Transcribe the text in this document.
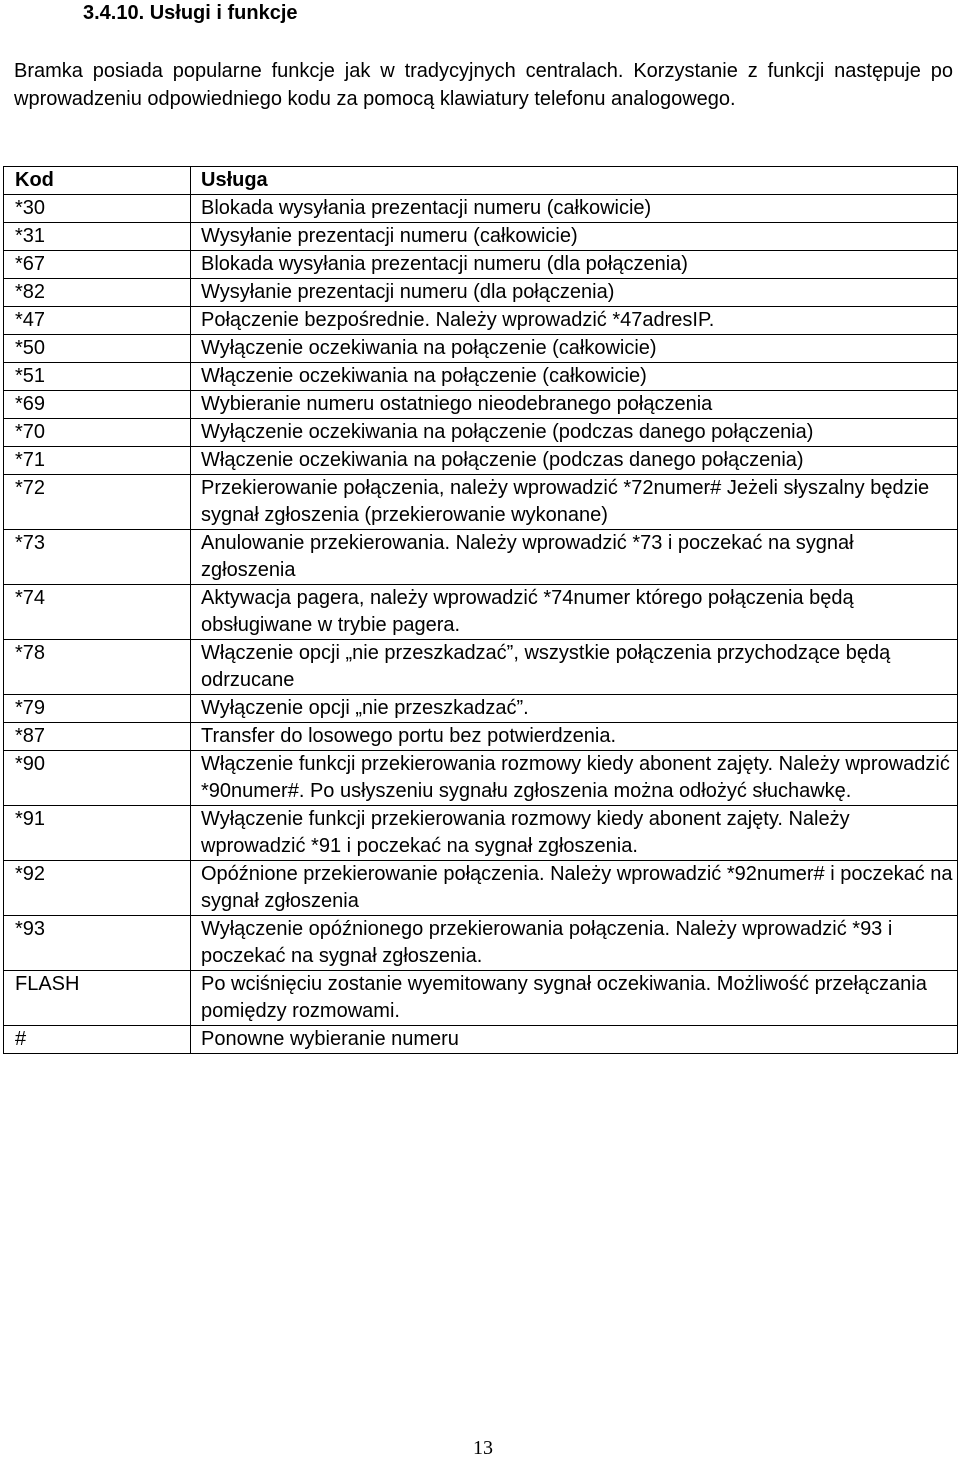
3.4.10. Usługi i funkcje

Bramka posiada popularne funkcje jak w tradycyjnych centralach. Korzystanie z funkcji następuje po wprowadzeniu odpowiedniego kodu za pomocą klawiatury telefonu analogowego.

Kod	Usługa
*30	Blokada wysyłania prezentacji numeru (całkowicie)
*31	Wysyłanie prezentacji numeru (całkowicie)
*67	Blokada wysyłania prezentacji numeru (dla połączenia)
*82	Wysyłanie prezentacji numeru (dla połączenia)
*47	Połączenie bezpośrednie. Należy wprowadzić *47adresIP.
*50	Wyłączenie oczekiwania na połączenie (całkowicie)
*51	Włączenie oczekiwania na połączenie (całkowicie)
*69	Wybieranie numeru ostatniego nieodebranego połączenia
*70	Wyłączenie oczekiwania na połączenie (podczas danego połączenia)
*71	Włączenie oczekiwania na połączenie (podczas danego połączenia)
*72	Przekierowanie połączenia, należy wprowadzić *72numer# Jeżeli słyszalny będzie sygnał zgłoszenia (przekierowanie wykonane)
*73	Anulowanie przekierowania. Należy wprowadzić *73 i poczekać na sygnał zgłoszenia
*74	Aktywacja pagera, należy wprowadzić *74numer którego połączenia będą obsługiwane w trybie pagera.
*78	Włączenie opcji „nie przeszkadzać”, wszystkie połączenia przychodzące będą odrzucane
*79	Wyłączenie opcji „nie przeszkadzać”.
*87	Transfer do losowego portu bez potwierdzenia.
*90	Włączenie funkcji przekierowania rozmowy kiedy abonent zajęty. Należy wprowadzić *90numer#. Po usłyszeniu sygnału zgłoszenia można odłożyć słuchawkę.
*91	Wyłączenie funkcji przekierowania rozmowy kiedy abonent zajęty. Należy wprowadzić *91 i poczekać na sygnał zgłoszenia.
*92	Opóźnione przekierowanie połączenia. Należy wprowadzić *92numer# i poczekać na sygnał zgłoszenia
*93	Wyłączenie opóźnionego przekierowania połączenia. Należy wprowadzić *93 i poczekać na sygnał zgłoszenia.
FLASH	Po wciśnięciu zostanie wyemitowany sygnał oczekiwania. Możliwość przełączania pomiędzy rozmowami.
#	Ponowne wybieranie numeru
13
